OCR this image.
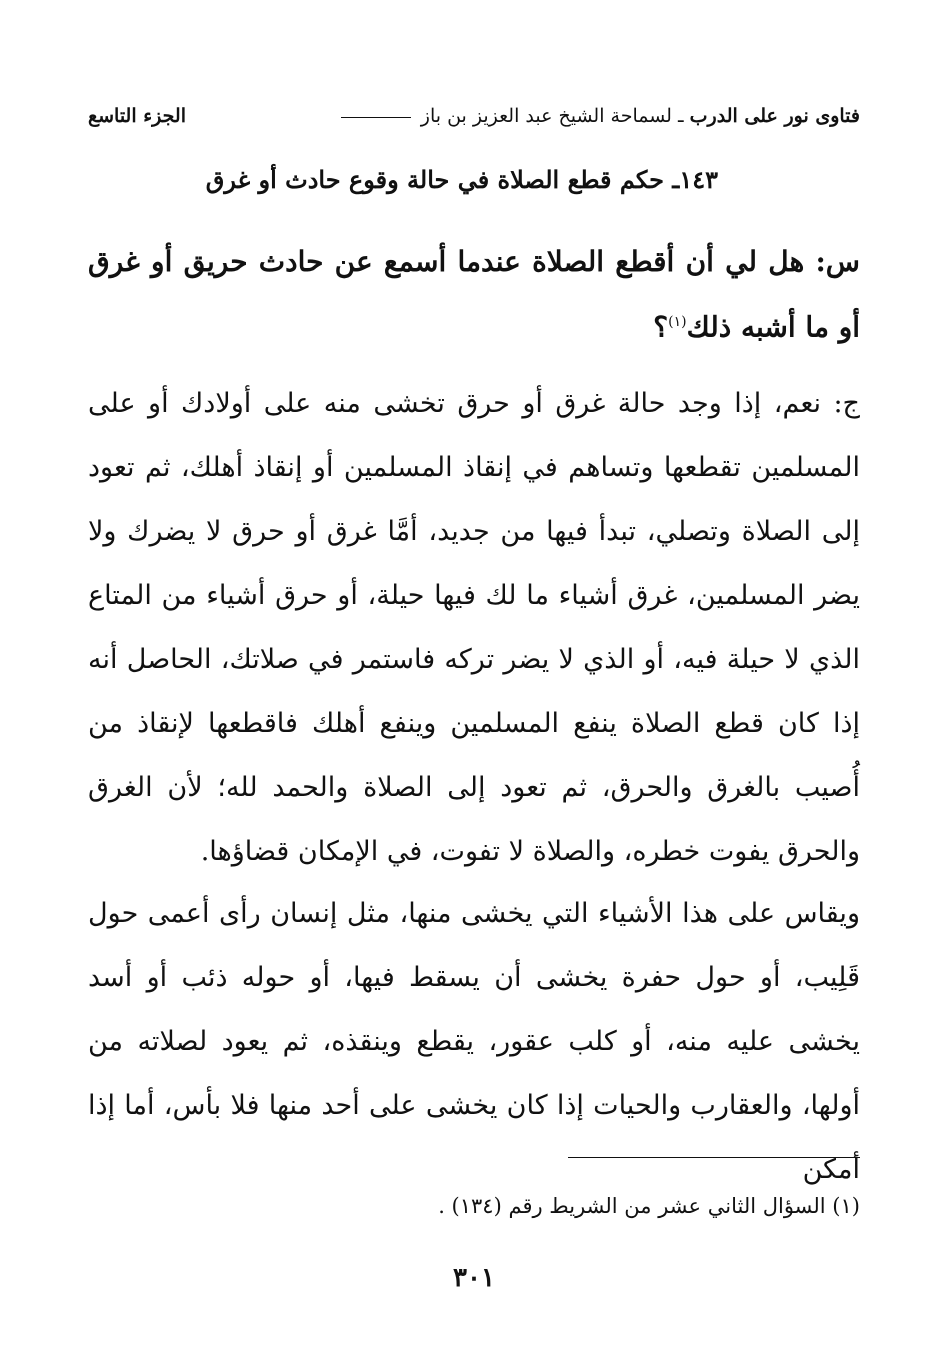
فتاوى نور على الدرب ـ لسماحة الشيخ عبد العزيز بن باز
الجزء التاسع
١٤٣ـ حكم قطع الصلاة في حالة وقوع حادث أو غرق
س: هل لي أن أقطع الصلاة عندما أسمع عن حادث حريق أو غرق أو ما أشبه ذلك$^{(١)}$؟
ج: نعم، إذا وجد حالة غرق أو حرق تخشى منه على أولادك أو على المسلمين تقطعها وتساهم في إنقاذ المسلمين أو إنقاذ أهلك، ثم تعود إلى الصلاة وتصلي، تبدأ فيها من جديد، أمَّا غرق أو حرق لا يضرك ولا يضر المسلمين، غرق أشياء ما لك فيها حيلة، أو حرق أشياء من المتاع الذي لا حيلة فيه، أو الذي لا يضر تركه فاستمر في صلاتك، الحاصل أنه إذا كان قطع الصلاة ينفع المسلمين وينفع أهلك فاقطعها لإنقاذ من أُصيب بالغرق والحرق، ثم تعود إلى الصلاة والحمد لله؛ لأن الغرق والحرق يفوت خطره، والصلاة لا تفوت، في الإمكان قضاؤها.
ويقاس على هذا الأشياء التي يخشى منها، مثل إنسان رأى أعمى حول قَلِيب، أو حول حفرة يخشى أن يسقط فيها، أو حوله ذئب أو أسد يخشى عليه منه، أو كلب عقور، يقطع وينقذه، ثم يعود لصلاته من أولها، والعقارب والحيات إذا كان يخشى على أحد منها فلا بأس، أما إذا أمكن
(١) السؤال الثاني عشر من الشريط رقم (١٣٤) .
٣٠١
